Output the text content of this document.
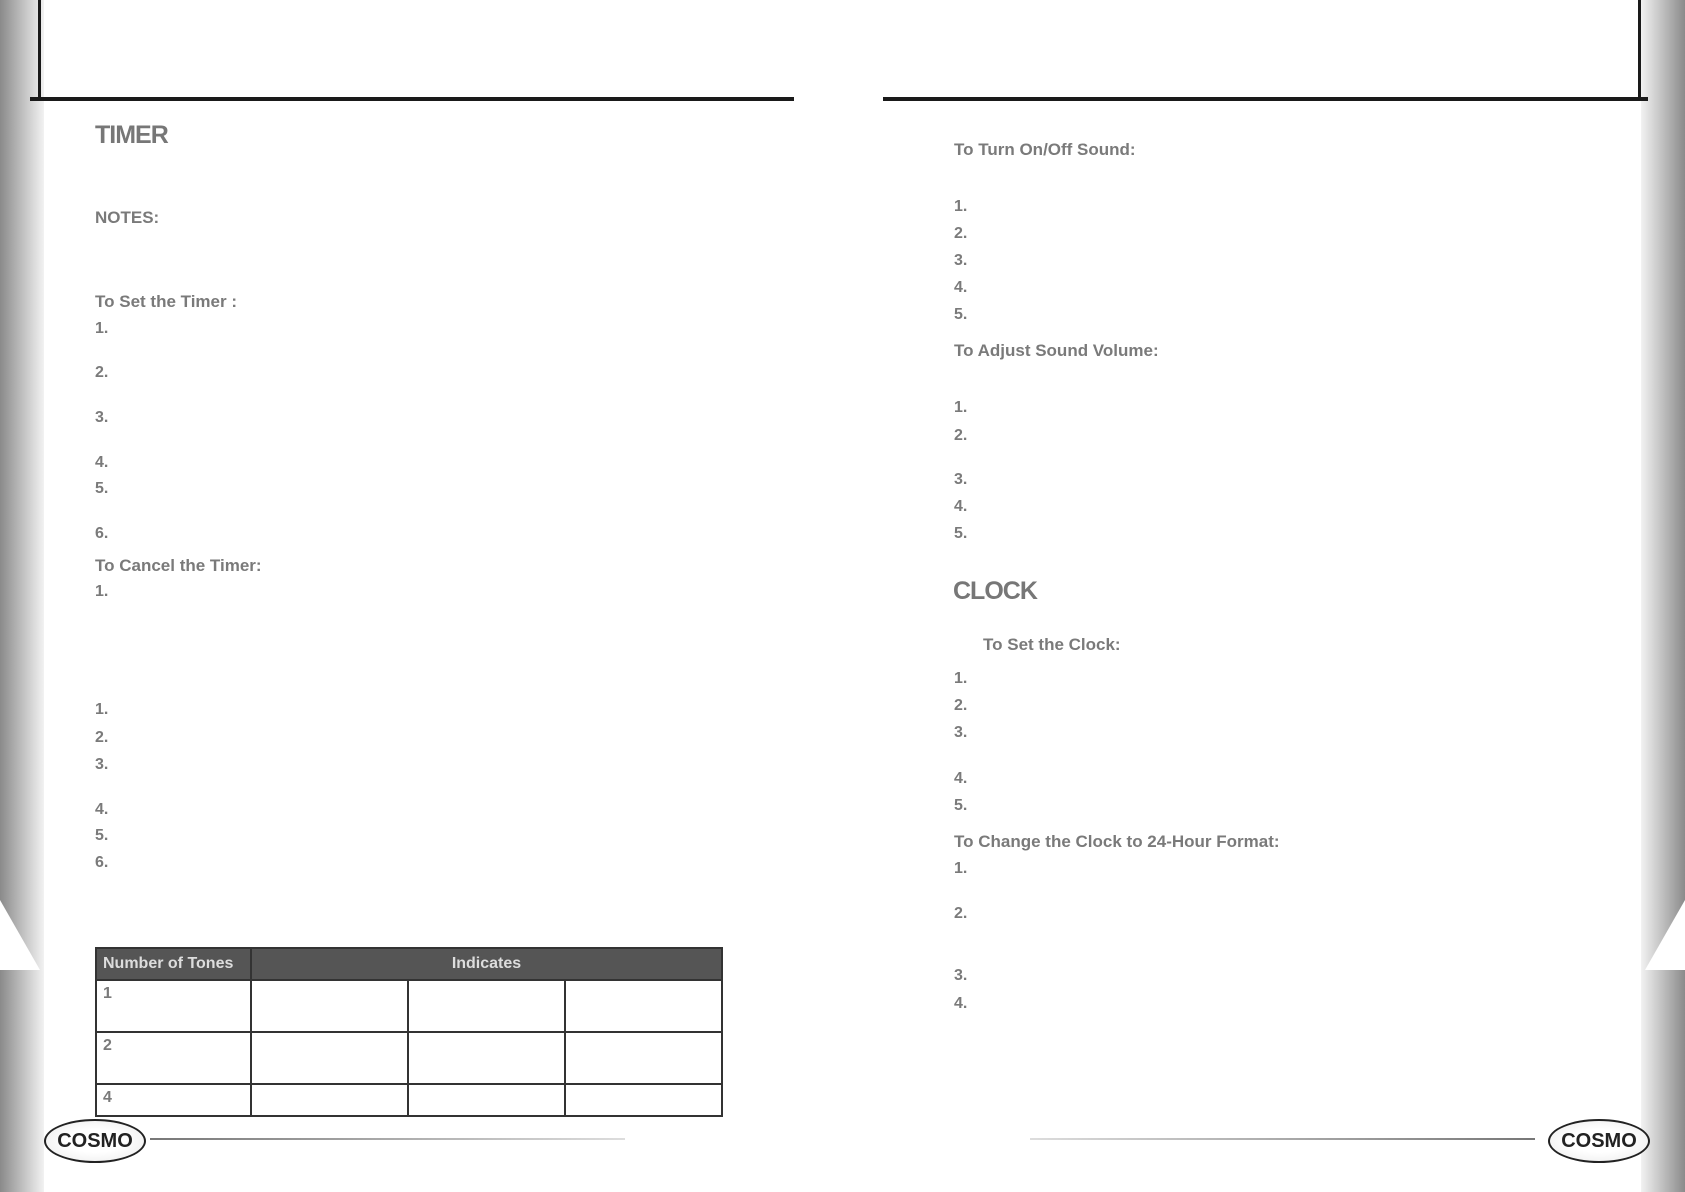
TIMER
NOTES:
To Set the Timer :
1.
2.
3.
4.
5.
6.
To Cancel the Timer:
1.
1.
2.
3.
4.
5.
6.
Number of Tones	Indicates		
1			
2			
4			
To Turn On/Off Sound:
1.
2.
3.
4.
5.
To Adjust Sound Volume:
1.
2.
3.
4.
5.
CLOCK
To Set the Clock:
1.
2.
3.
4.
5.
To Change the Clock to 24-Hour Format:
1.
2.
3.
4.
COSMO	COSMO
